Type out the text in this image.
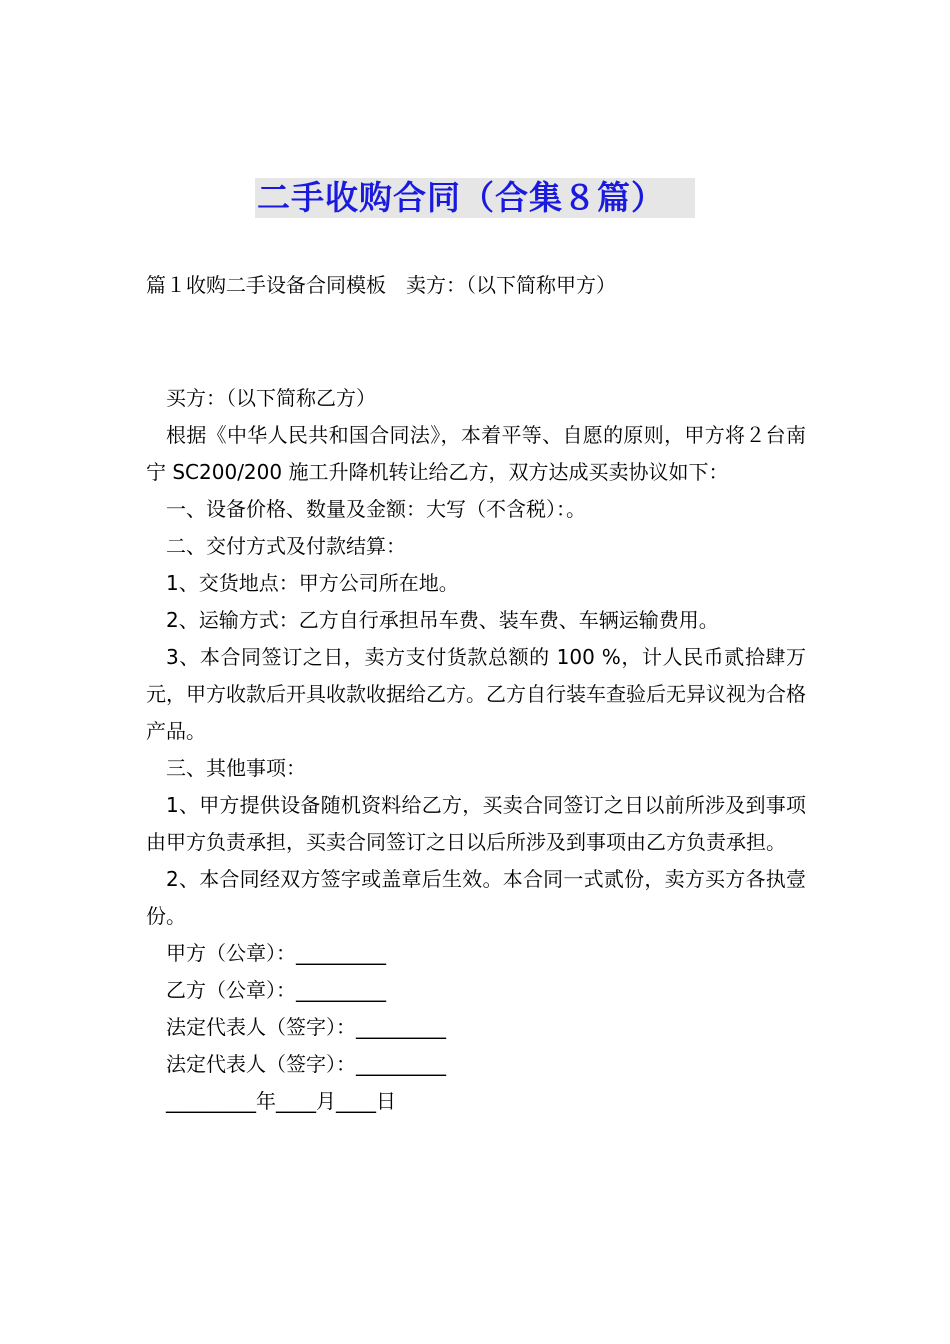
二手收购合同（合集８篇）
篇１收购二手设备合同模板　卖方：（以下简称甲方）

买方：（以下简称乙方）

根据《中华人民共和国合同法》，本着平等、自愿的原则，甲方将２台南宁 SC200/200 施工升降机转让给乙方，双方达成买卖协议如下：

一、设备价格、数量及金额：大写（不含税）：。

二、交付方式及付款结算：

1、交货地点：甲方公司所在地。

2、运输方式：乙方自行承担吊车费、装车费、车辆运输费用。

3、本合同签订之日，卖方支付货款总额的 100 %，计人民币贰拾肆万元，甲方收款后开具收款收据给乙方。乙方自行装车查验后无异议视为合格产品。

三、其他事项：

1、甲方提供设备随机资料给乙方，买卖合同签订之日以前所涉及到事项由甲方负责承担，买卖合同签订之日以后所涉及到事项由乙方负责承担。

2、本合同经双方签字或盖章后生效。本合同一式贰份，卖方买方各执壹份。

甲方（公章）：_________

乙方（公章）：_________

法定代表人（签字）：_________

法定代表人（签字）：_________

_________年____月____日
